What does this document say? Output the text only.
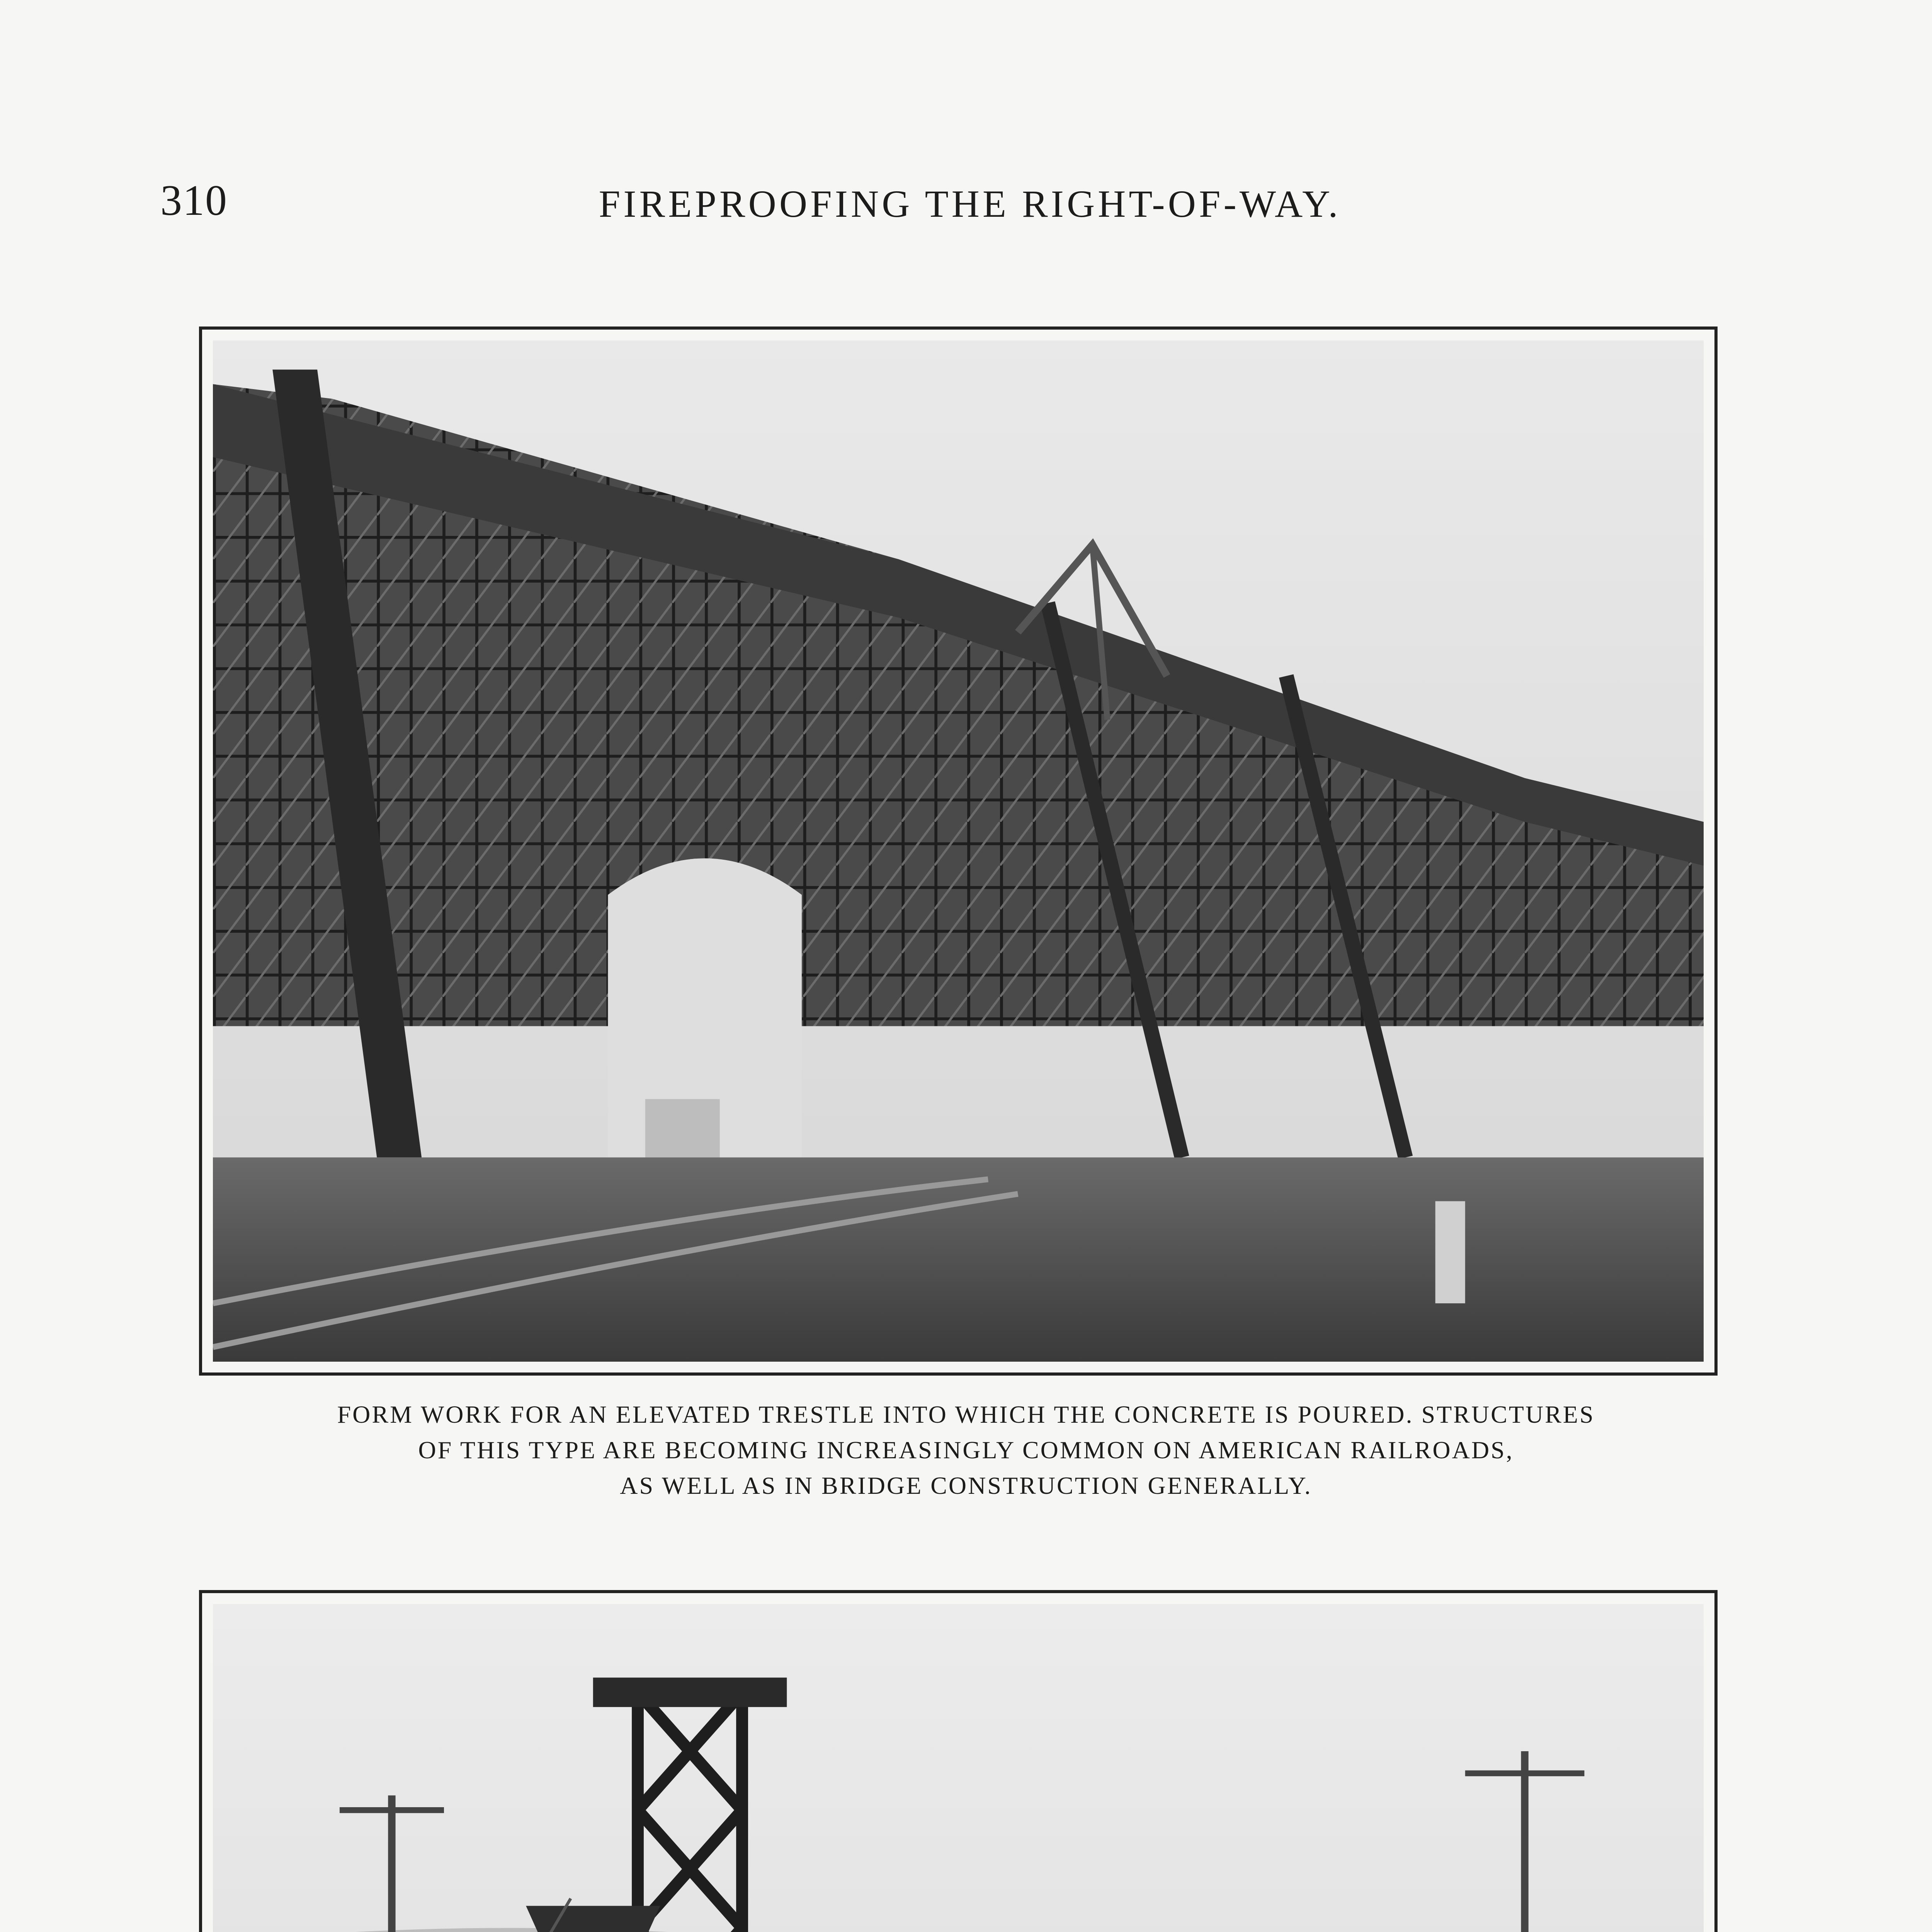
310	FIREPROOFING THE RIGHT-OF-WAY.
FORM WORK FOR AN ELEVATED TRESTLE INTO WHICH THE CONCRETE IS POURED. STRUCTURES
OF THIS TYPE ARE BECOMING INCREASINGLY COMMON ON AMERICAN RAILROADS,
AS WELL AS IN BRIDGE CONSTRUCTION GENERALLY.
